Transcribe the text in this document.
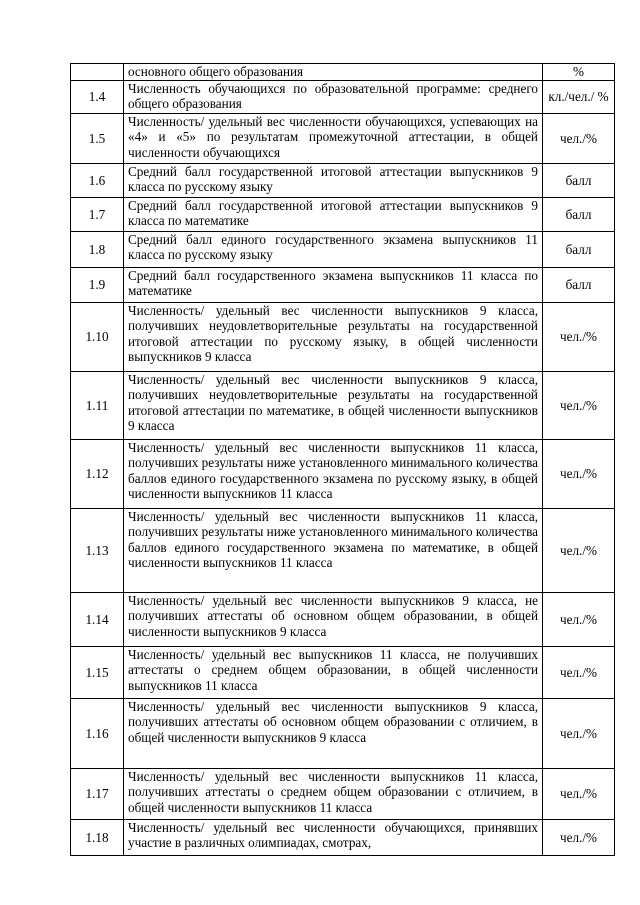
	основного общего образования	%
1.4	Численность обучающихся по образовательной программе: среднего общего образования	кл./чел./ %
1.5	Численность/ удельный вес численности обучающихся, успевающих на «4» и «5» по результатам промежуточной аттестации, в общей численности обучающихся	чел./%
1.6	Средний балл государственной итоговой аттестации выпускников 9 класса по русскому языку	балл
1.7	Средний балл государственной итоговой аттестации выпускников 9 класса по математике	балл
1.8	Средний балл единого государственного экзамена выпускников 11 класса по русскому языку	балл
1.9	Средний балл государственного экзамена выпускников 11 класса по математике	балл
1.10	Численность/ удельный вес численности выпускников 9 класса, получивших неудовлетворительные результаты на государственной итоговой аттестации по русскому языку, в общей численности выпускников 9 класса	чел./%
1.11	Численность/ удельный вес численности выпускников 9 класса, получивших неудовлетворительные результаты на государственной итоговой аттестации по математике, в общей численности выпускников 9 класса	чел./%
1.12	Численность/ удельный вес численности выпускников 11 класса, получивших результаты ниже установленного минимального количества баллов единого государственного экзамена по русскому языку, в общей численности выпускников 11 класса	чел./%
1.13	Численность/ удельный вес численности выпускников 11 класса, получивших результаты ниже установленного минимального количества баллов единого государственного экзамена по математике, в общей численности выпускников 11 класса	чел./%
1.14	Численность/ удельный вес численности выпускников 9 класса, не получивших аттестаты об основном общем образовании, в общей численности выпускников 9 класса	чел./%
1.15	Численность/ удельный вес выпускников 11 класса, не получивших аттестаты о среднем общем образовании, в общей численности выпускников 11 класса	чел./%
1.16	Численность/ удельный вес численности выпускников 9 класса, получивших аттестаты об основном общем образовании с отличием, в общей численности выпускников 9 класса	чел./%
1.17	Численность/ удельный вес численности выпускников 11 класса, получивших аттестаты о среднем общем образовании с отличием, в общей численности выпускников 11 класса	чел./%
1.18	Численность/ удельный вес численности обучающихся, принявших участие в различных олимпиадах, смотрах,	чел./%
